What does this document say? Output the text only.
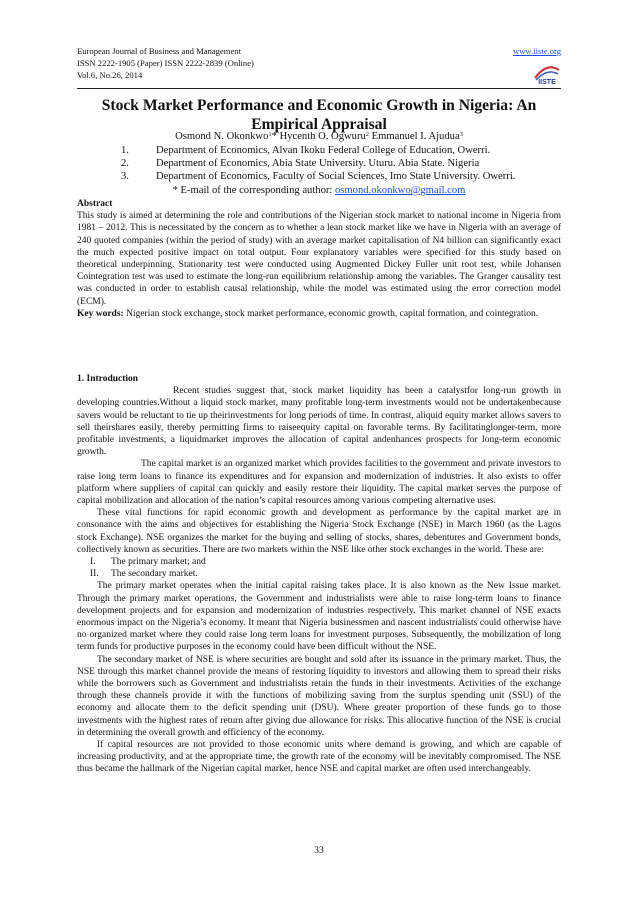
European Journal of Business and Management	www.iiste.org
ISSN 2222-1905 (Paper) ISSN 2222-2839 (Online)
Vol.6, No.26, 2014
IISTE
Stock Market Performance and Economic Growth in Nigeria: An Empirical Appraisal
Osmond N. Okonkwo$^1$* Hycenth O. Ogwuru$^2$ Emmanuel I. Ajudua$^3$
1.	Department of Economics, Alvan Ikoku Federal College of Education, Owerri.
2.	Department of Economics, Abia State University. Uturu. Abia State. Nigeria
3.	Department of Economics, Faculty of Social Sciences, Imo State University. Owerri.
* E-mail of the corresponding author: osmond.okonkwo@gmail.com
Abstract

This study is aimed at determining the role and contributions of the Nigerian stock market to national income in Nigeria from 1981 – 2012. This is necessitated by the concern as to whether a lean stock market like we have in Nigeria with an average of 240 quoted companies (within the period of study) with an average market capitalisation of N4 billion can significantly exact the much expected positive impact on total output. Four explanatory variables were specified for this study based on theoretical underpinning. Stationarity test were conducted using Augmented Dickey Fuller unit root test, while Johansen Cointegration test was used to estimate the long-run equilibrium relationship among the variables. The Granger causality test was conducted in order to establish causal relationship, while the model was estimated using the error correction model (ECM).

Key words: Nigerian stock exchange, stock market performance, economic growth, capital formation, and cointegration.

1. Introduction

Recent studies suggest that, stock market liquidity has been a catalystfor long-run growth in developing countries.Without a liquid stock market, many profitable long-term investments would not be undertakenbecause savers would be reluctant to tie up theirinvestments for long periods of time. In contrast, aliquid equity market allows savers to sell theirshares easily, thereby permitting firms to raiseequity capital on favorable terms. By facilitatinglonger-term, more profitable investments, a liquidmarket improves the allocation of capital andenhances prospects for long-term economic growth.

The capital market is an organized market which provides facilities to the government and private investors to raise long term loans to finance its expenditures and for expansion and modernization of industries. It also exists to offer platform where suppliers of capital can quickly and easily restore their liquidity. The capital market serves the purpose of capital mobilization and allocation of the nation’s capital resources among various competing alternative uses.

These vital functions for rapid economic growth and development as performance by the capital market are in consonance with the aims and objectives for establishing the Nigeria Stock Exchange (NSE) in March 1960 (as the Lagos stock Exchange). NSE organizes the market for the buying and selling of stocks, shares, debentures and Government bonds, collectively known as securities. There are two markets within the NSE like other stock exchanges in the world. These are:

I. The primary market; and
II. The secondary market.

The primary market operates when the initial capital raising takes place. It is also known as the New Issue market. Through the primary market operations, the Government and industrialists were able to raise long-term loans to finance development projects and for expansion and modernization of industries respectively. This market channel of NSE exacts enormous impact on the Nigeria’s economy. It meant that Nigeria businessmen and nascent industrialists could otherwise have no organized market where they could raise long term loans for investment purposes. Subsequently, the mobilization of long term funds for productive purposes in the economy could have been difficult without the NSE.

The secondary market of NSE is where securities are bought and sold after its issuance in the primary market. Thus, the NSE through this market channel provide the means of restoring liquidity to investors and allowing them to spread their risks while the borrowers such as Government and industrialists retain the funds in their investments. Activities of the exchange through these channels provide it with the functions of mobilizing saving from the surplus spending unit (SSU) of the economy and allocate them to the deficit spending unit (DSU). Where greater proportion of these funds go to those investments with the highest rates of return after giving due allowance for risks. This allocative function of the NSE is crucial in determining the overall growth and efficiency of the economy.

If capital resources are not provided to those economic units where demand is growing, and which are capable of increasing productivity, and at the appropriate time, the growth rate of the economy will be inevitably compromised. The NSE thus became the hallmark of the Nigerian capital market, hence NSE and capital market are often used interchangeably.

33
